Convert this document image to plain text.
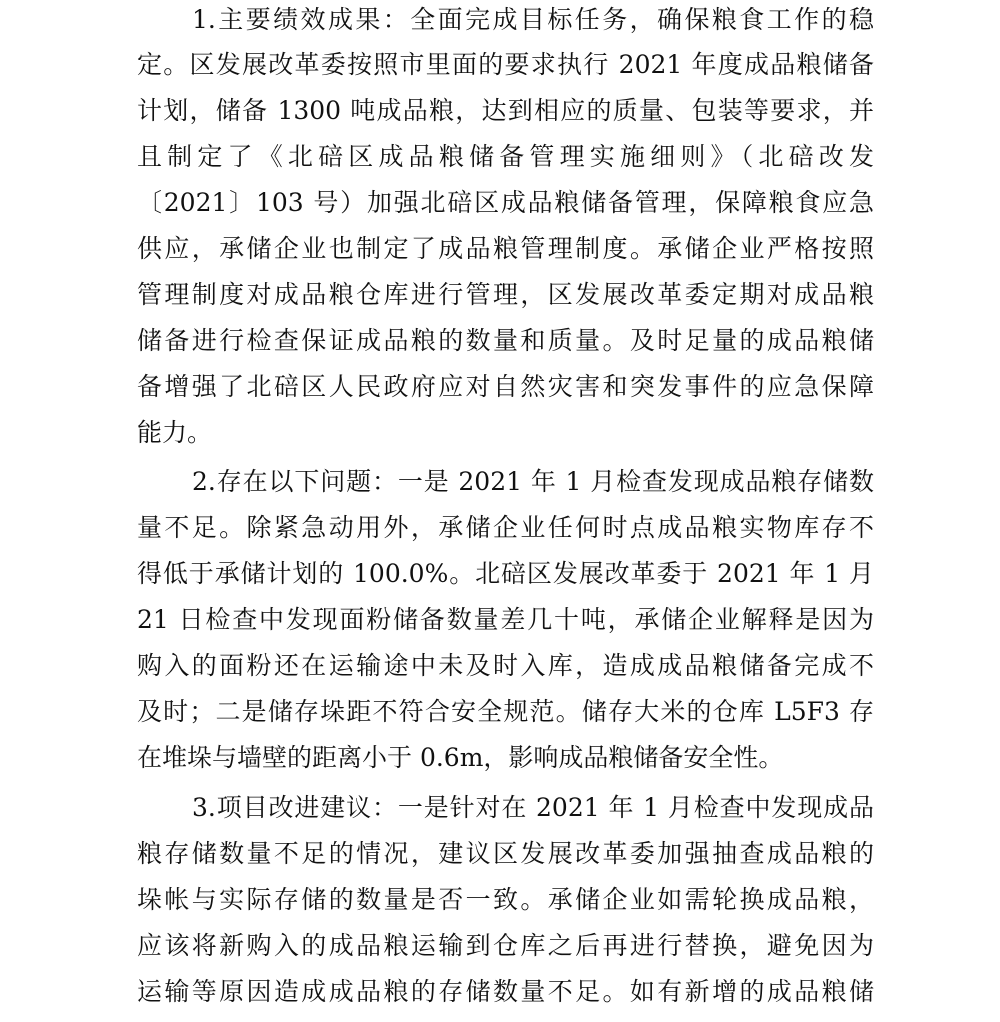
1.主要绩效成果：全面完成目标任务，确保粮食工作的稳
定。区发展改革委按照市里面的要求执行 2021 年度成品粮储备
计划，储备 1300 吨成品粮，达到相应的质量、包装等要求，并
且制定了《北碚区成品粮储备管理实施细则》（北碚改发
〔2021〕103 号）加强北碚区成品粮储备管理，保障粮食应急
供应，承储企业也制定了成品粮管理制度。承储企业严格按照
管理制度对成品粮仓库进行管理，区发展改革委定期对成品粮
储备进行检查保证成品粮的数量和质量。及时足量的成品粮储
备增强了北碚区人民政府应对自然灾害和突发事件的应急保障
能力。
2.存在以下问题：一是 2021 年 1 月检查发现成品粮存储数
量不足。除紧急动用外，承储企业任何时点成品粮实物库存不
得低于承储计划的 100.0%。北碚区发展改革委于 2021 年 1 月
21 日检查中发现面粉储备数量差几十吨，承储企业解释是因为
购入的面粉还在运输途中未及时入库，造成成品粮储备完成不
及时；二是储存垛距不符合安全规范。储存大米的仓库 L5F3 存
在堆垛与墙壁的距离小于 0.6m，影响成品粮储备安全性。
3.项目改进建议：一是针对在 2021 年 1 月检查中发现成品
粮存储数量不足的情况，建议区发展改革委加强抽查成品粮的
垛帐与实际存储的数量是否一致。承储企业如需轮换成品粮，
应该将新购入的成品粮运输到仓库之后再进行替换，避免因为
运输等原因造成成品粮的存储数量不足。如有新增的成品粮储
